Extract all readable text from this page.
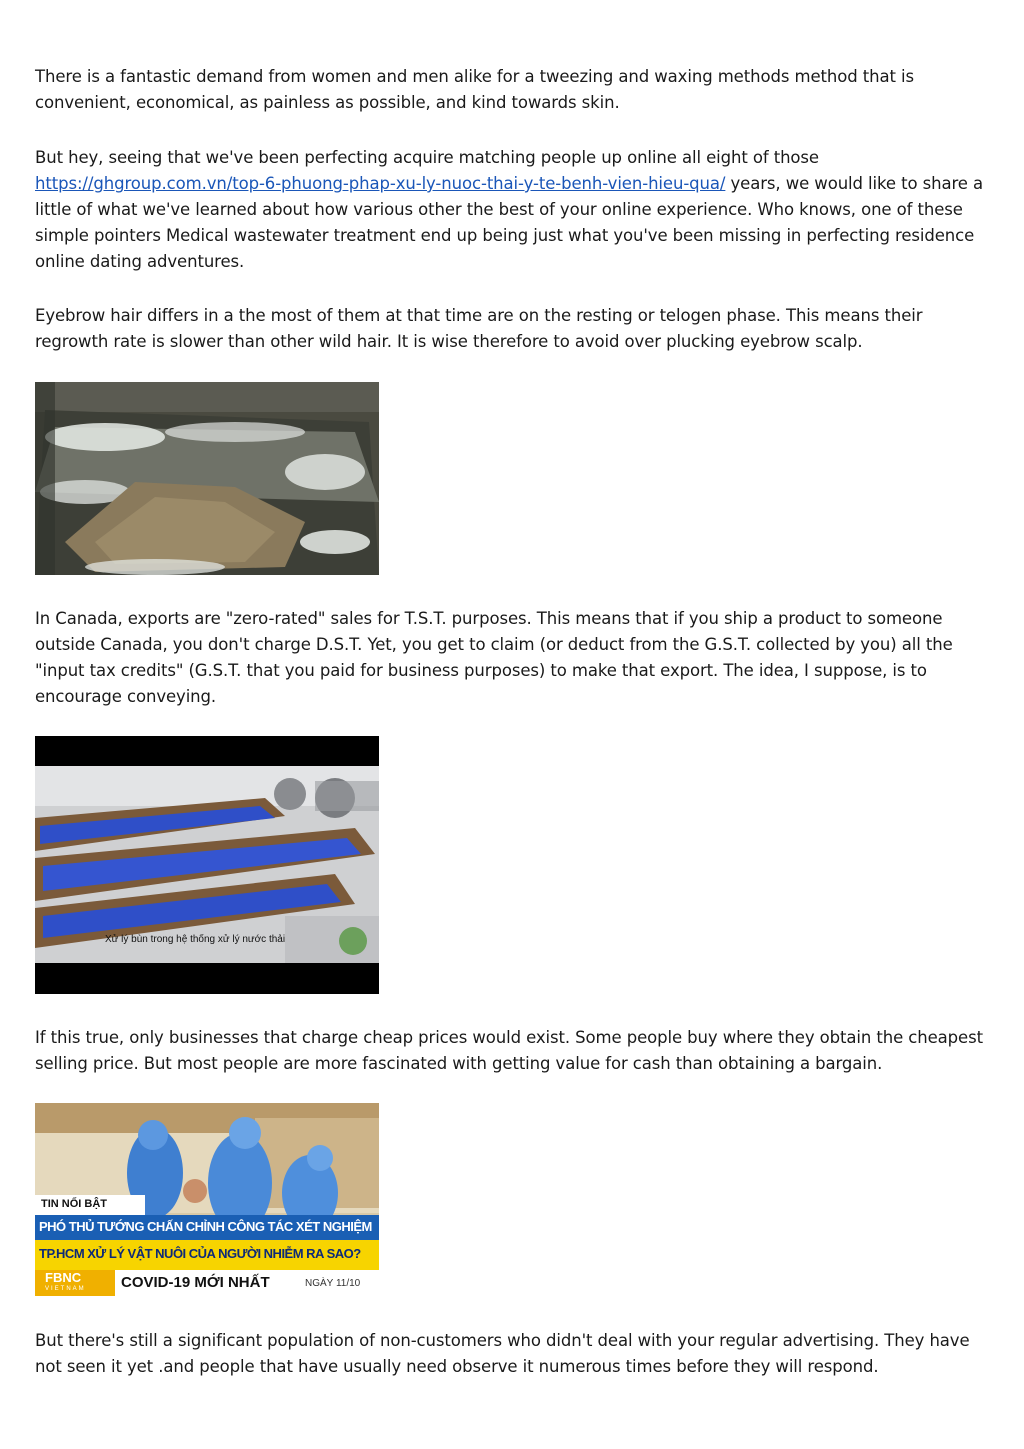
There is a fantastic demand from women and men alike for a tweezing and waxing methods method that is convenient, economical, as painless as possible, and kind towards skin.

But hey, seeing that we've been perfecting acquire matching people up online all eight of those https://ghgroup.com.vn/top-6-phuong-phap-xu-ly-nuoc-thai-y-te-benh-vien-hieu-qua/ years, we would like to share a little of what we've learned about how various other the best of your online experience. Who knows, one of these simple pointers Medical wastewater treatment end up being just what you've been missing in perfecting residence online dating adventures.

Eyebrow hair differs in a the most of them at that time are on the resting or telogen phase. This means their regrowth rate is slower than other wild hair. It is wise therefore to avoid over plucking eyebrow scalp.

In Canada, exports are "zero-rated" sales for T.S.T. purposes. This means that if you ship a product to someone outside Canada, you don't charge D.S.T. Yet, you get to claim (or deduct from the G.S.T. collected by you) all the "input tax credits" (G.S.T. that you paid for business purposes) to make that export. The idea, I suppose, is to encourage conveying.

Xử lý bùn trong hệ thống xử lý nước thải

If this true, only businesses that charge cheap prices would exist. Some people buy where they obtain the cheapest selling price. But most people are more fascinated with getting value for cash than obtaining a bargain.

TIN NỔI BẬT
PHÓ THỦ TƯỚNG CHẤN CHỈNH CÔNG TÁC XÉT NGHIỆM
TP.HCM XỬ LÝ VẬT NUÔI CỦA NGƯỜI NHIỄM RA SAO?
FBNC
VIETNAM COVID-19 MỚI NHẤT	NGÀY 11/10

But there's still a significant population of non-customers who didn't deal with your regular advertising. They have not seen it yet .and people that have usually need observe it numerous times before they will respond.
